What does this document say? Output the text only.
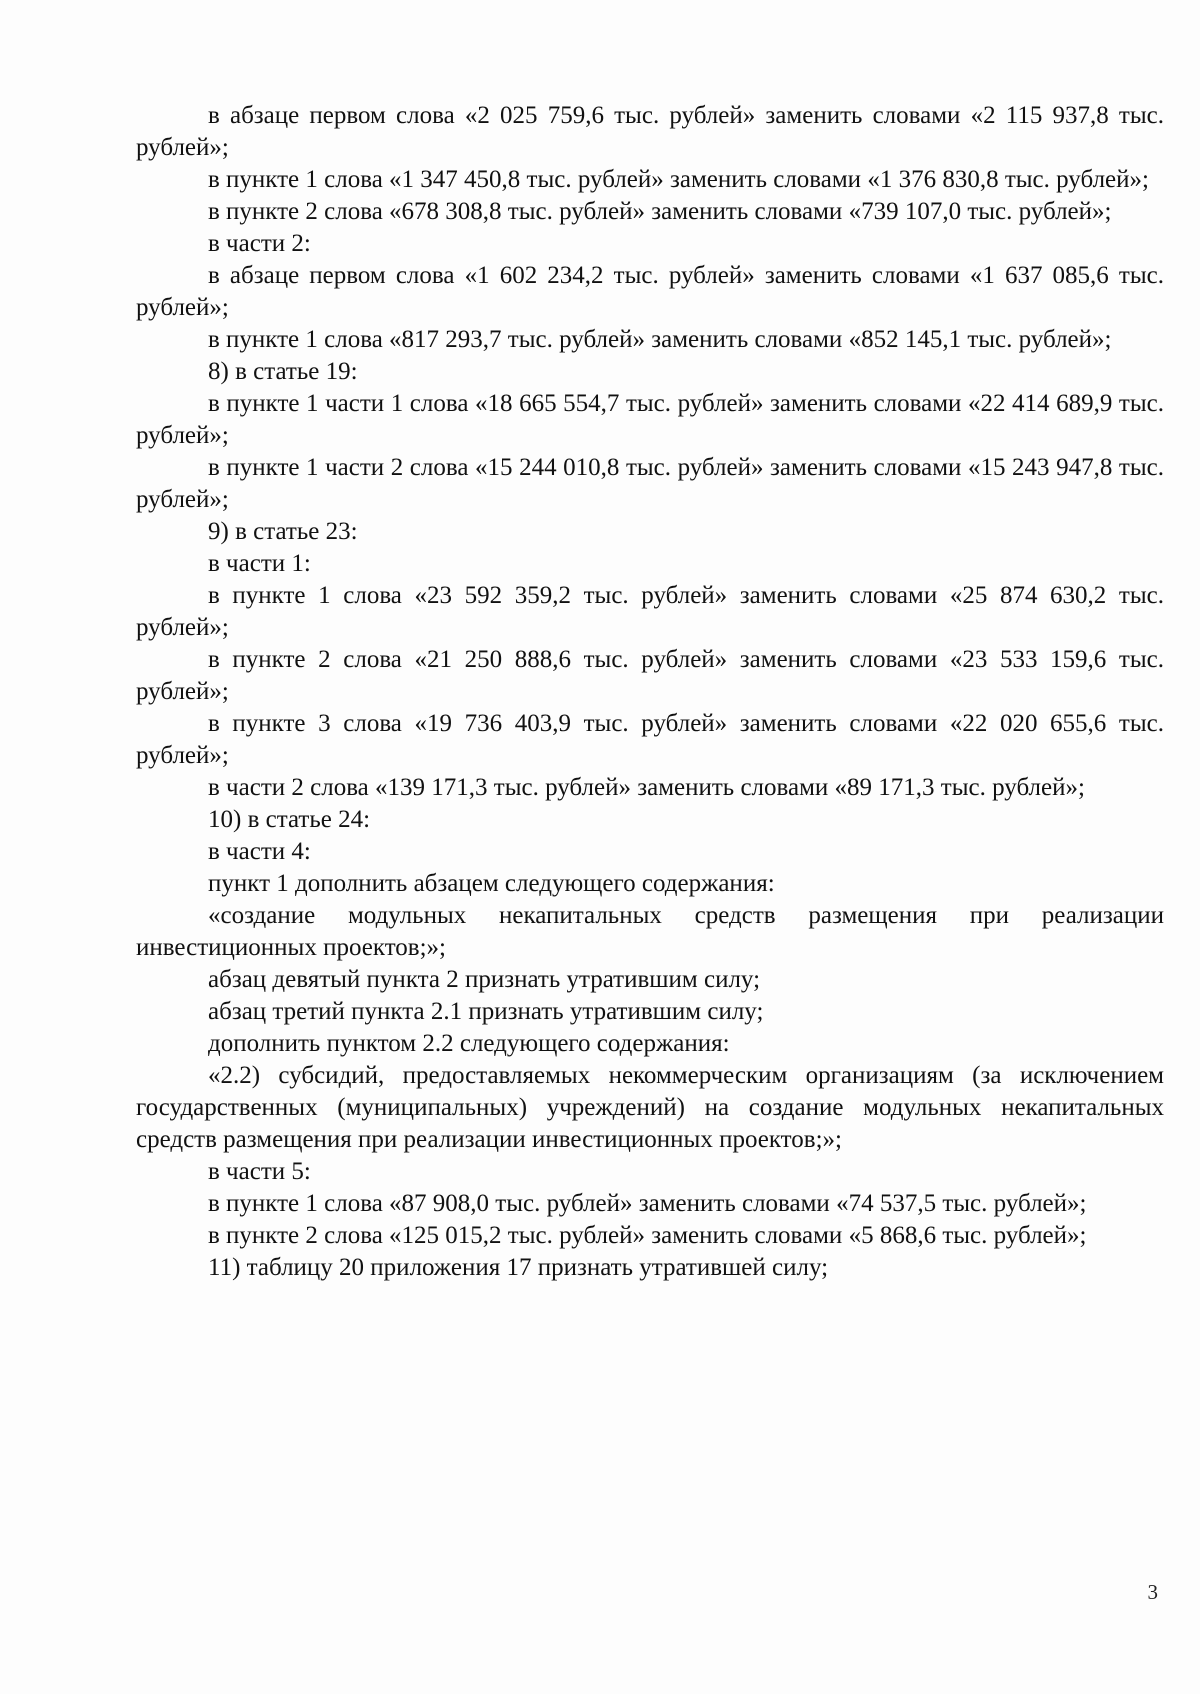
в абзаце первом слова «2 025 759,6 тыс. рублей» заменить словами «2 115 937,8 тыс. рублей»;

в пункте 1 слова «1 347 450,8 тыс. рублей» заменить словами «1 376 830,8 тыс. рублей»;

в пункте 2 слова «678 308,8 тыс. рублей» заменить словами «739 107,0 тыс. рублей»;

в части 2:

в абзаце первом слова «1 602 234,2 тыс. рублей» заменить словами «1 637 085,6 тыс. рублей»;

в пункте 1 слова «817 293,7 тыс. рублей» заменить словами «852 145,1 тыс. рублей»;

8) в статье 19:

в пункте 1 части 1 слова «18 665 554,7 тыс. рублей» заменить словами «22 414 689,9 тыс. рублей»;

в пункте 1 части 2 слова «15 244 010,8 тыс. рублей» заменить словами «15 243 947,8 тыс. рублей»;

9) в статье 23:

в части 1:

в пункте 1 слова «23 592 359,2 тыс. рублей» заменить словами «25 874 630,2 тыс. рублей»;

в пункте 2 слова «21 250 888,6 тыс. рублей» заменить словами «23 533 159,6 тыс. рублей»;

в пункте 3 слова «19 736 403,9 тыс. рублей» заменить словами «22 020 655,6 тыс. рублей»;

в части 2 слова «139 171,3 тыс. рублей» заменить словами «89 171,3 тыс. рублей»;

10) в статье 24:

в части 4:

пункт 1 дополнить абзацем следующего содержания:

«создание модульных некапитальных средств размещения при реализации инвестиционных проектов;»;

абзац девятый пункта 2 признать утратившим силу;

абзац третий пункта 2.1 признать утратившим силу;

дополнить пунктом 2.2 следующего содержания:

«2.2) субсидий, предоставляемых некоммерческим организациям (за исключением государственных (муниципальных) учреждений) на создание модульных некапитальных средств размещения при реализации инвестиционных проектов;»;

в части 5:

в пункте 1 слова «87 908,0 тыс. рублей» заменить словами «74 537,5 тыс. рублей»;

в пункте 2 слова «125 015,2 тыс. рублей» заменить словами «5 868,6 тыс. рублей»;

11) таблицу 20 приложения 17 признать утратившей силу;

3
